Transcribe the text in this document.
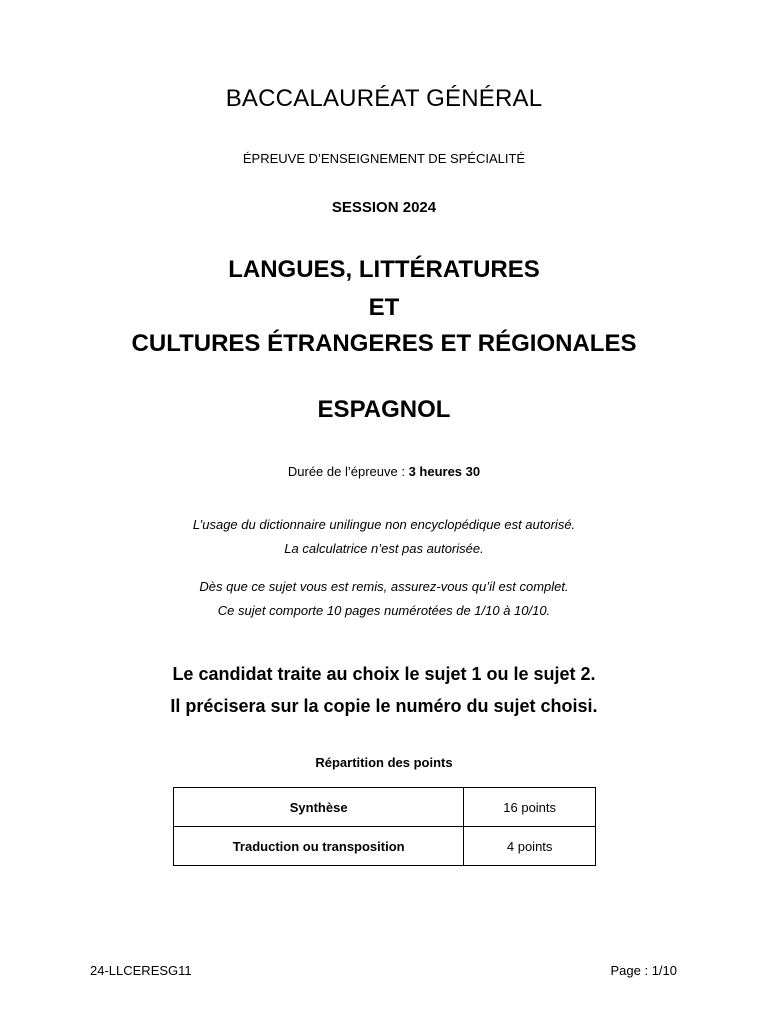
BACCALAURÉAT GÉNÉRAL
ÉPREUVE D’ENSEIGNEMENT DE SPÉCIALITÉ
SESSION 2024
LANGUES, LITTÉRATURES
ET
CULTURES ÉTRANGERES ET RÉGIONALES
ESPAGNOL
Durée de l’épreuve : 3 heures 30
L’usage du dictionnaire unilingue non encyclopédique est autorisé.
La calculatrice n’est pas autorisée.
Dès que ce sujet vous est remis, assurez-vous qu’il est complet.
Ce sujet comporte 10 pages numérotées de 1/10 à 10/10.
Le candidat traite au choix le sujet 1 ou le sujet 2.
Il précisera sur la copie le numéro du sujet choisi.
Répartition des points
Synthèse	16 points
Traduction ou transposition	4 points
24-LLCERESG11	Page : 1/10
